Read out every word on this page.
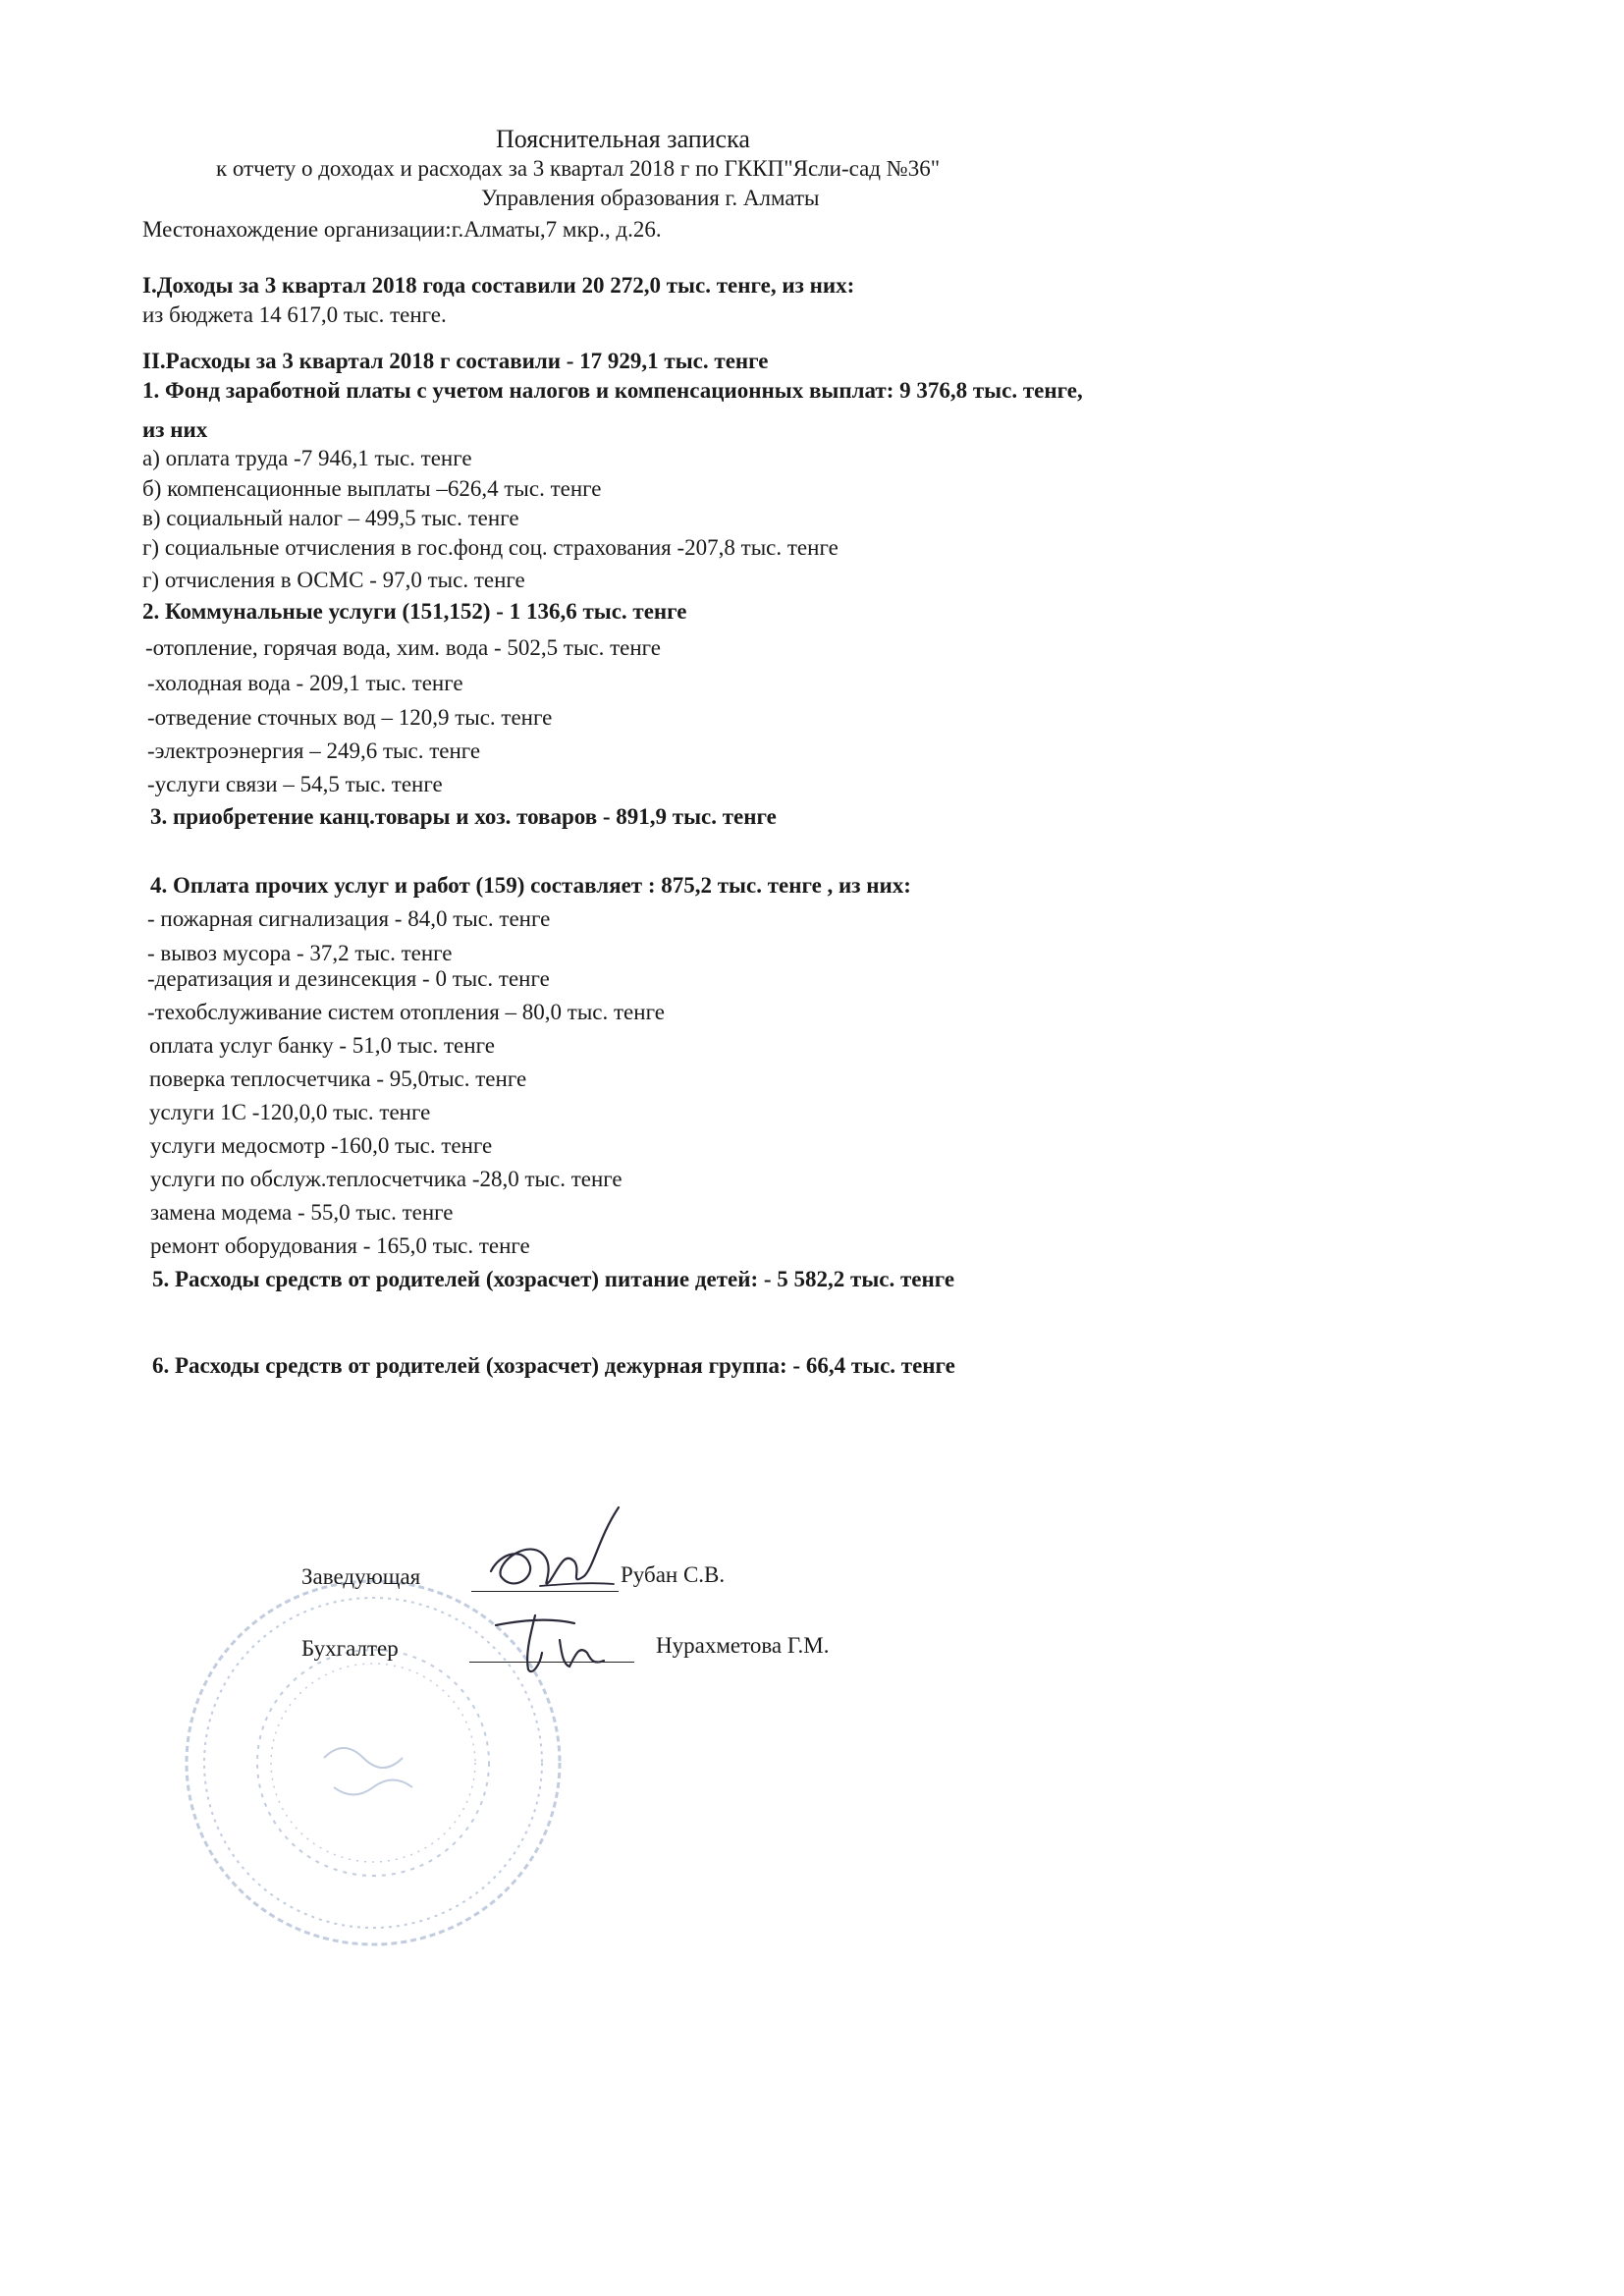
Пояснительная записка
к отчету о доходах и расходах за 3 квартал 2018 г по ГККП"Ясли-сад №36"
Управления образования г. Алматы
Местонахождение организации:г.Алматы,7 мкр., д.26.
I.Доходы за 3 квартал 2018 года составили 20 272,0 тыс. тенге, из них:
из бюджета 14 617,0 тыс. тенге.
II.Расходы за 3 квартал 2018 г составили - 17 929,1 тыс. тенге
1. Фонд заработной платы с учетом налогов и компенсационных выплат: 9 376,8 тыс. тенге,
из них
а) оплата труда -7 946,1 тыс. тенге
б) компенсационные выплаты –626,4 тыс. тенге
в) социальный налог – 499,5 тыс. тенге
г) социальные отчисления в гос.фонд соц. страхования -207,8 тыс. тенге
г) отчисления в ОСМС - 97,0 тыс. тенге
2. Коммунальные услуги (151,152) - 1 136,6 тыс. тенге
-отопление, горячая вода, хим. вода - 502,5 тыс. тенге
-холодная вода - 209,1 тыс. тенге
-отведение сточных вод – 120,9 тыс. тенге
-электроэнергия – 249,6 тыс. тенге
-услуги связи – 54,5 тыс. тенге
3. приобретение канц.товары и хоз. товаров - 891,9 тыс. тенге
4. Оплата прочих услуг и работ (159) составляет : 875,2 тыс. тенге , из них:
- пожарная сигнализация - 84,0 тыс. тенге
- вывоз мусора - 37,2 тыс. тенге
-дератизация и дезинсекция - 0 тыс. тенге
-техобслуживание систем отопления – 80,0 тыс. тенге
оплата услуг банку - 51,0 тыс. тенге
поверка теплосчетчика - 95,0тыс. тенге
услуги 1С -120,0,0 тыс. тенге
услуги медосмотр -160,0 тыс. тенге
услуги по обслуж.теплосчетчика -28,0 тыс. тенге
замена модема - 55,0 тыс. тенге
ремонт оборудования - 165,0 тыс. тенге
5. Расходы средств от родителей (хозрасчет) питание детей: - 5 582,2 тыс. тенге
6. Расходы средств от родителей (хозрасчет) дежурная группа: - 66,4 тыс. тенге
Заведующая	Рубан С.В.
Бухгалтер	Нурахметова Г.М.
